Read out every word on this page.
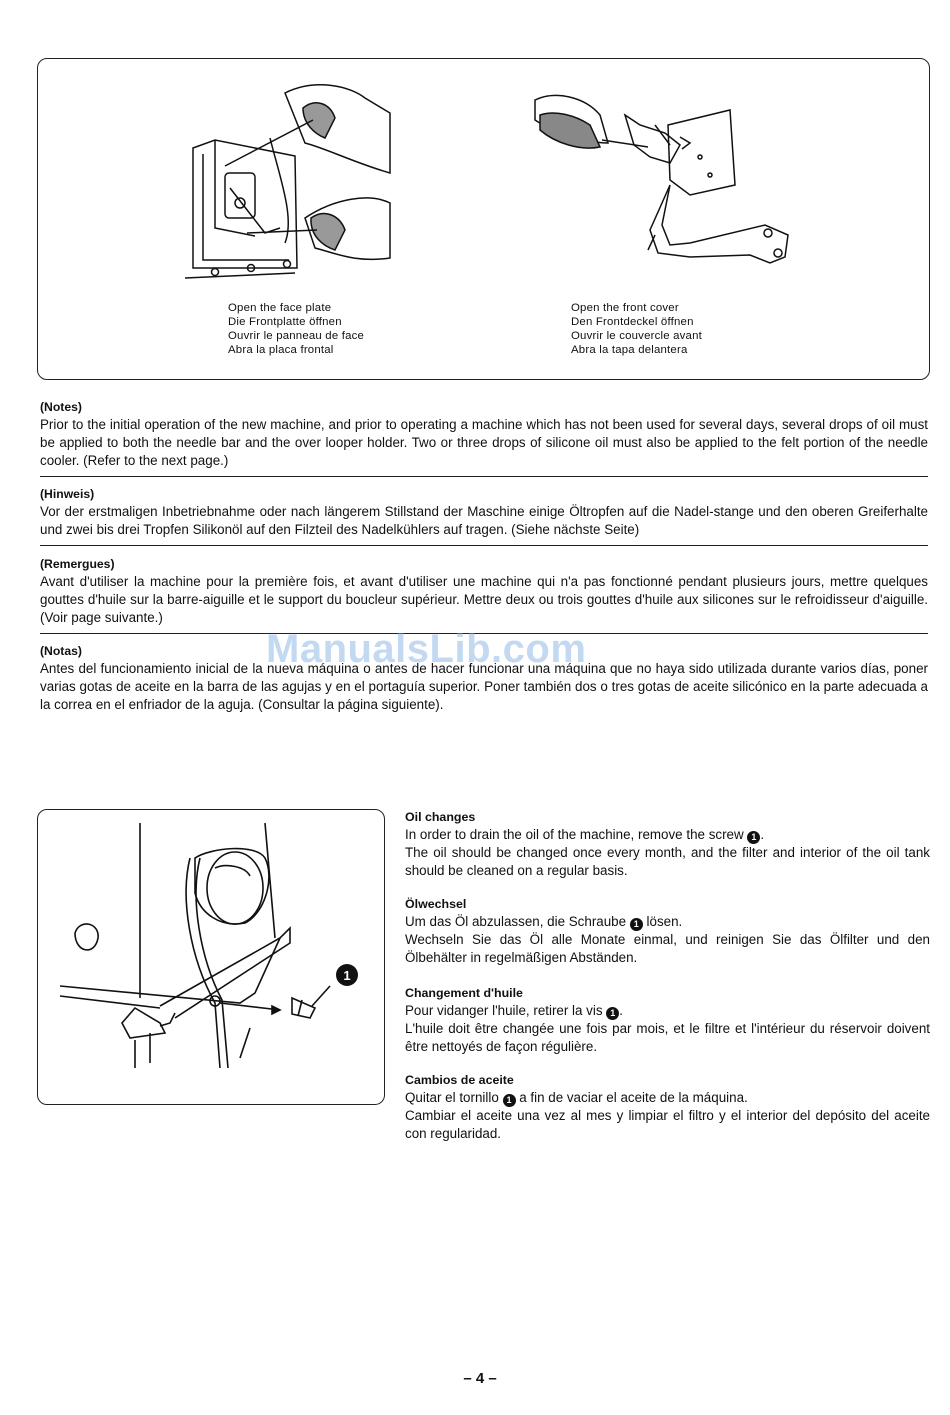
Open the face plate
Die Frontplatte öffnen
Ouvrir le panneau de face
Abra la placa frontal
Open the front cover
Den Frontdeckel öffnen
Ouvrir le couvercle avant
Abra la tapa delantera
(Notes)
Prior to the initial operation of the new machine, and prior to operating a machine which has not been used for several days, several drops of oil must be applied to both the needle bar and the over looper holder. Two or three drops of silicone oil must also be applied to the felt portion of the needle cooler. (Refer to the next page.)
(Hinweis)
Vor der erstmaligen Inbetriebnahme oder nach längerem Stillstand der Maschine einige Öltropfen auf die Nadel-stange und den oberen Greiferhalte und zwei bis drei Tropfen Silikonöl auf den Filzteil des Nadelkühlers auf tragen. (Siehe nächste Seite)
(Remergues)
Avant d'utiliser la machine pour la première fois, et avant d'utiliser une machine qui n'a pas fonctionné pendant plusieurs jours, mettre quelques gouttes d'huile sur la barre-aiguille et le support du boucleur supérieur. Mettre deux ou trois gouttes d'huile aux silicones sur le refroidisseur d'aiguille. (Voir page suivante.)
(Notas)
Antes del funcionamiento inicial de la nueva máquina o antes de hacer funcionar una máquina que no haya sido utilizada durante varios días, poner varias gotas de aceite en la barra de las agujas y en el portaguía superior. Poner también dos o tres gotas de aceite silicónico en la parte adecuada a la correa en el enfriador de la aguja. (Consultar la página siguiente).
ManualsLib.com
1
Oil changes
In order to drain the oil of the machine, remove the screw 1 .
The oil should be changed once every month, and the filter and interior of the oil tank should be cleaned on a regular basis.
Ölwechsel
Um das Öl abzulassen, die Schraube 1 lösen.
Wechseln Sie das Öl alle Monate einmal, und reinigen Sie das Ölfilter und den Ölbehälter in regelmäßigen Abständen.
Changement d'huile
Pour vidanger l'huile, retirer la vis 1 .
L'huile doit être changée une fois par mois, et le filtre et l'intérieur du réservoir doivent être nettoyés de façon régulière.
Cambios de aceite
Quitar el tornillo 1 a fin de vaciar el aceite de la máquina.
Cambiar el aceite una vez al mes y limpiar el filtro y el interior del depósito del aceite con regularidad.
– 4 –
